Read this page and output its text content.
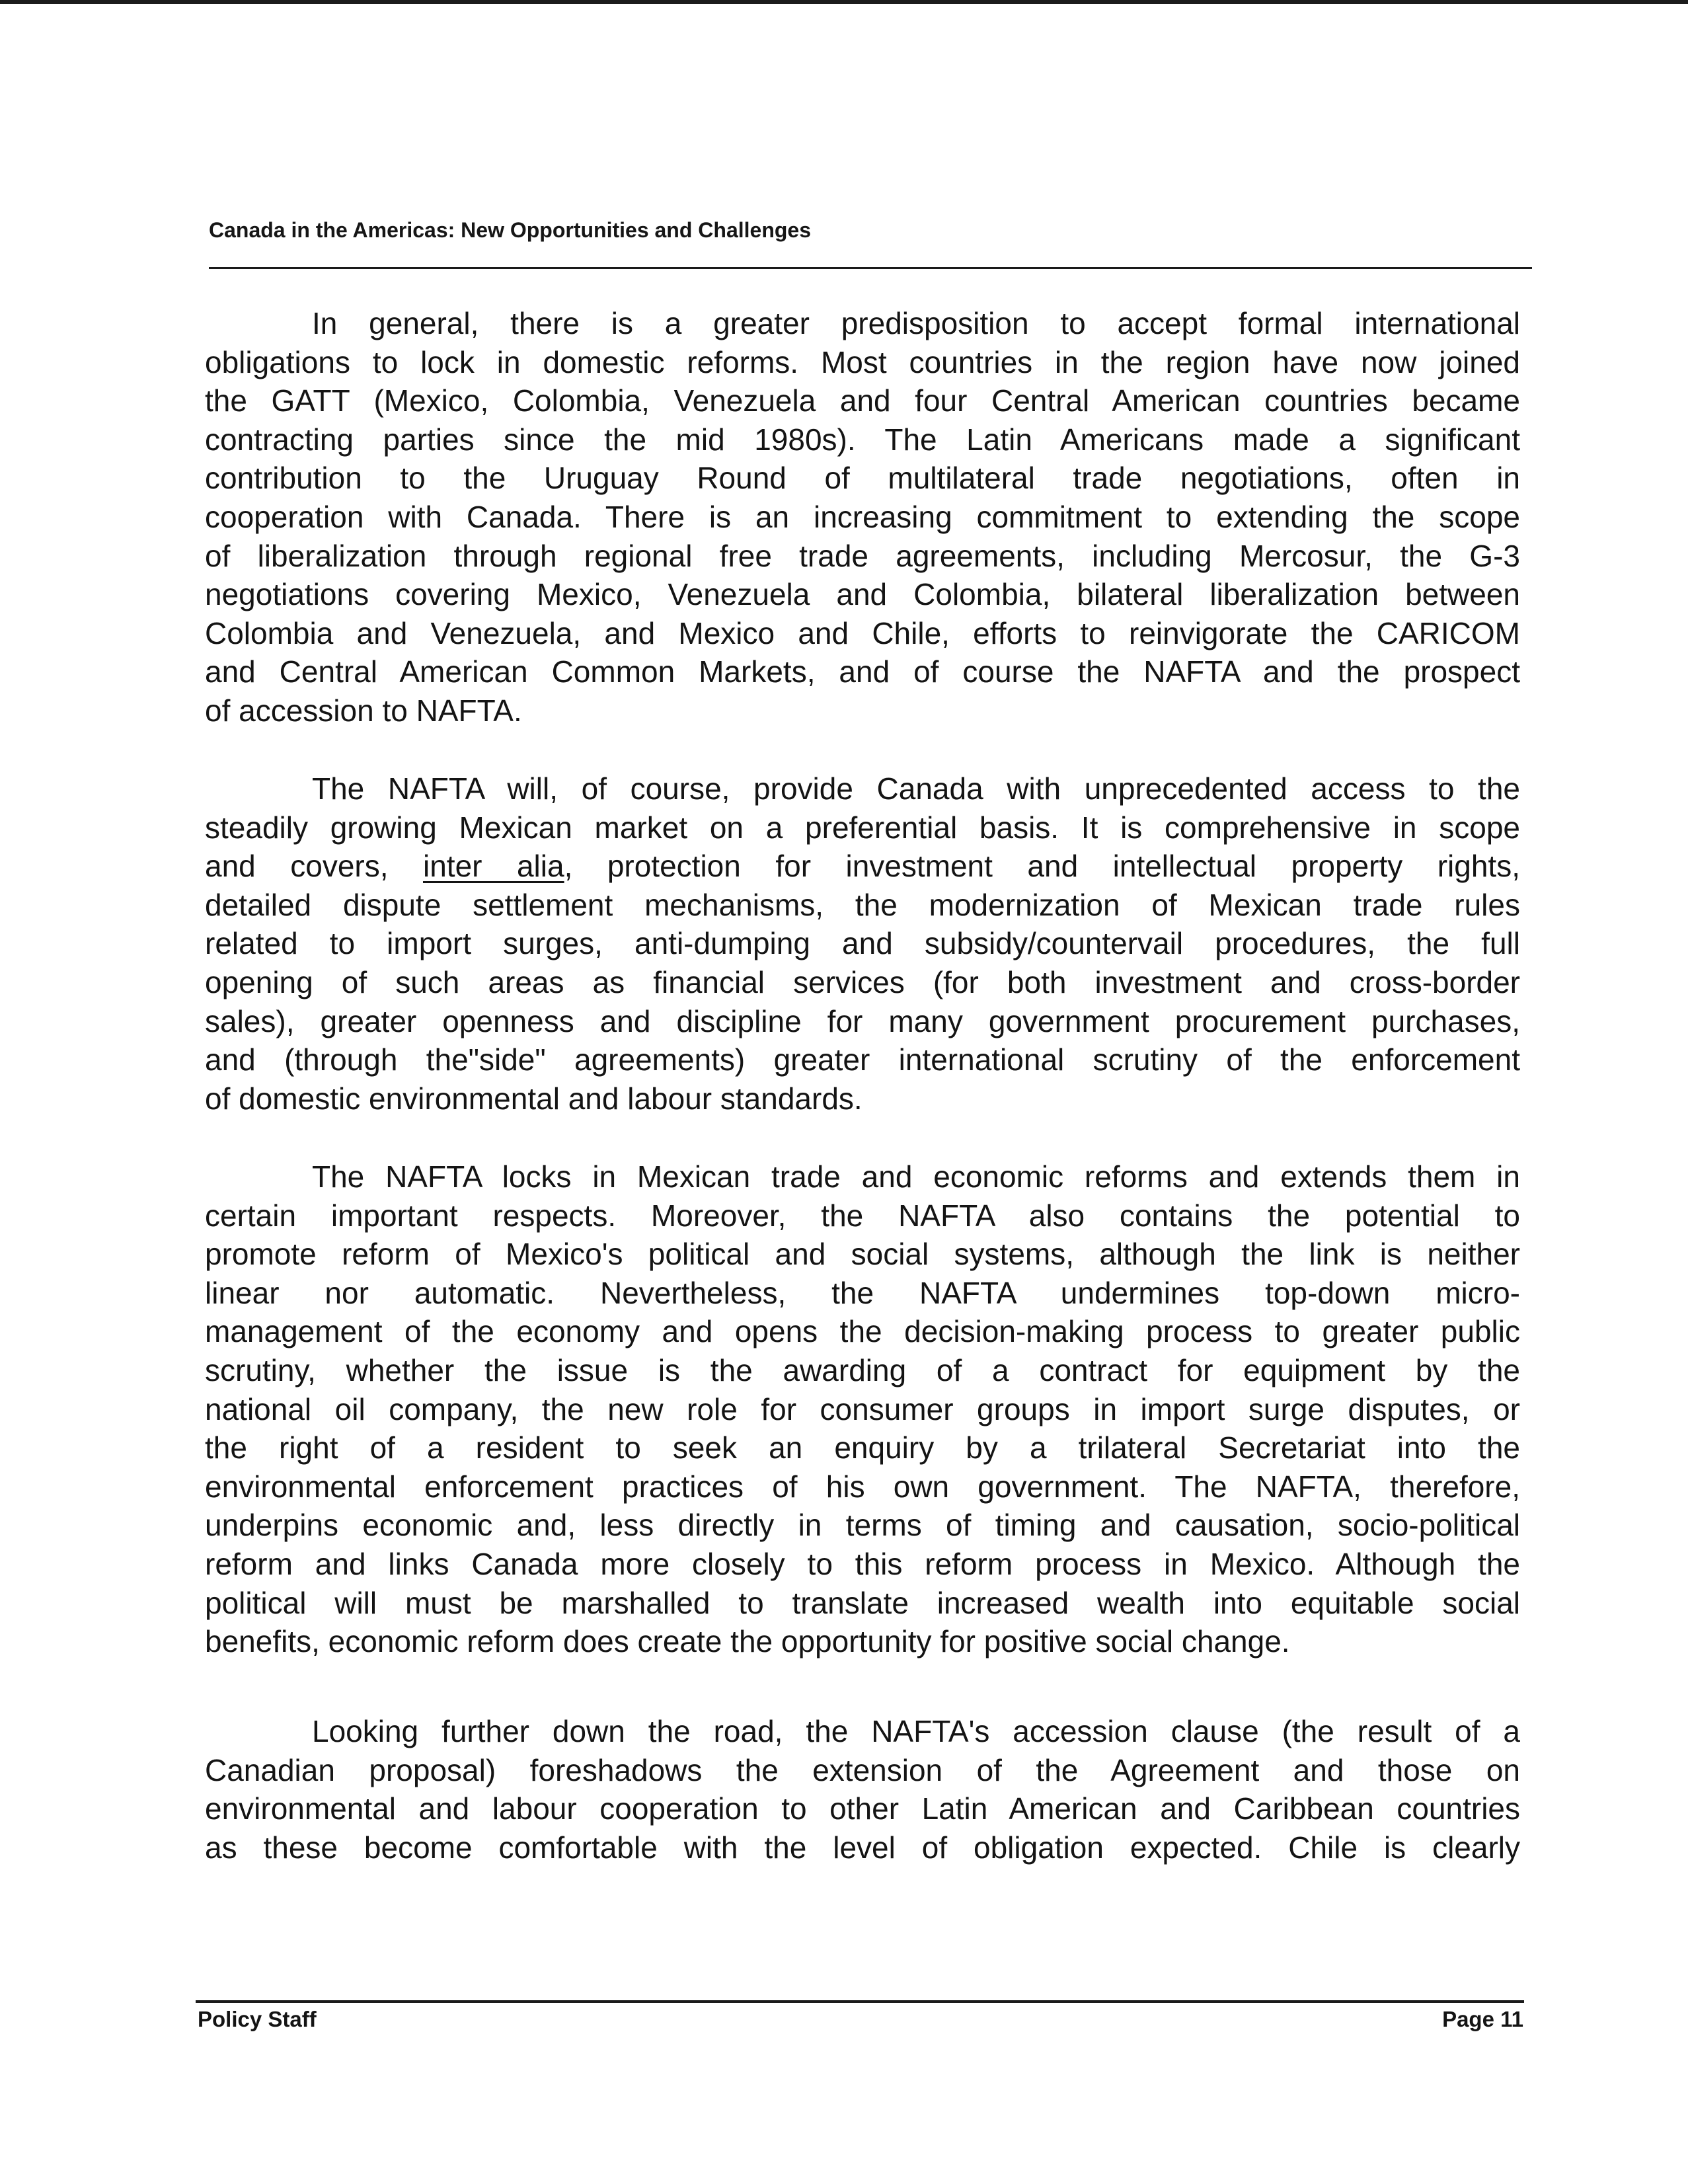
Canada in the Americas: New Opportunities and Challenges
In general, there is a greater predisposition to accept formal international
obligations to lock in domestic reforms. Most countries in the region have now joined
the GATT (Mexico, Colombia, Venezuela and four Central American countries became
contracting parties since the mid 1980s). The Latin Americans made a significant
contribution to the Uruguay Round of multilateral trade negotiations, often in
cooperation with Canada. There is an increasing commitment to extending the scope
of liberalization through regional free trade agreements, including Mercosur, the G-3
negotiations covering Mexico, Venezuela and Colombia, bilateral liberalization between
Colombia and Venezuela, and Mexico and Chile, efforts to reinvigorate the CARICOM
and Central American Common Markets, and of course the NAFTA and the prospect
of accession to NAFTA.
The NAFTA will, of course, provide Canada with unprecedented access to the
steadily growing Mexican market on a preferential basis. It is comprehensive in scope
and covers, inter alia, protection for investment and intellectual property rights,
detailed dispute settlement mechanisms, the modernization of Mexican trade rules
related to import surges, anti-dumping and subsidy/countervail procedures, the full
opening of such areas as financial services (for both investment and cross-border
sales), greater openness and discipline for many government procurement purchases,
and (through the"side" agreements) greater international scrutiny of the enforcement
of domestic environmental and labour standards.
The NAFTA locks in Mexican trade and economic reforms and extends them in
certain important respects. Moreover, the NAFTA also contains the potential to
promote reform of Mexico's political and social systems, although the link is neither
linear nor automatic. Nevertheless, the NAFTA undermines top-down micro-
management of the economy and opens the decision-making process to greater public
scrutiny, whether the issue is the awarding of a contract for equipment by the
national oil company, the new role for consumer groups in import surge disputes, or
the right of a resident to seek an enquiry by a trilateral Secretariat into the
environmental enforcement practices of his own government. The NAFTA, therefore,
underpins economic and, less directly in terms of timing and causation, socio-political
reform and links Canada more closely to this reform process in Mexico. Although the
political will must be marshalled to translate increased wealth into equitable social
benefits, economic reform does create the opportunity for positive social change.
Looking further down the road, the NAFTA's accession clause (the result of a
Canadian proposal) foreshadows the extension of the Agreement and those on
environmental and labour cooperation to other Latin American and Caribbean countries
as these become comfortable with the level of obligation expected. Chile is clearly
Policy Staff	Page 11
